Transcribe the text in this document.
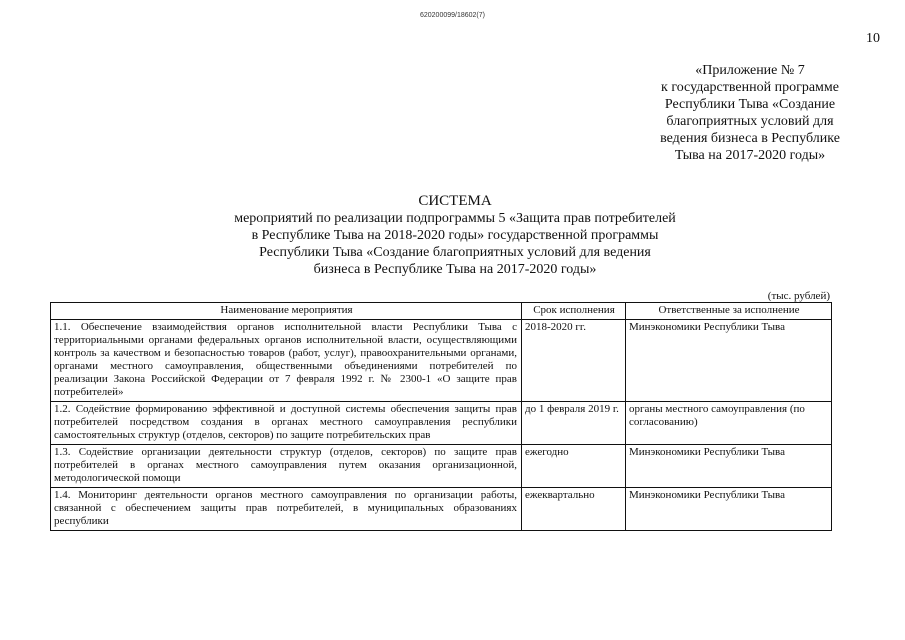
620200099/18602(7)
10
«Приложение № 7
к государственной программе
Республики Тыва «Создание
благоприятных условий для
ведения бизнеса в Республике
Тыва на 2017-2020 годы»
СИСТЕМА
мероприятий по реализации подпрограммы 5 «Защита прав потребителей
в Республике Тыва на 2018-2020 годы» государственной программы
Республики Тыва «Создание благоприятных условий для ведения
бизнеса в Республике Тыва на 2017-2020 годы»
(тыс. рублей)
Наименование мероприятия	Срок исполнения	Ответственные за исполнение
1.1. Обеспечение взаимодействия органов исполнительной власти Республики Тыва с территориальными органами федеральных органов исполнительной власти, осуществляющими контроль за качеством и безопасностью товаров (работ, услуг), правоохранительными органами, органами местного самоуправления, общественными объединениями потребителей по реализации Закона Российской Федерации от 7 февраля 1992 г. № 2300-1 «О защите прав потребителей»	2018-2020 гг.	Минэкономики Республики Тыва
1.2. Содействие формированию эффективной и доступной системы обеспечения защиты прав потребителей посредством создания в органах местного самоуправления республики самостоятельных структур (отделов, секторов) по защите потребительских прав	до 1 февраля 2019 г.	органы местного самоуправления (по согласованию)
1.3. Содействие организации деятельности структур (отделов, секторов) по защите прав потребителей в органах местного самоуправления путем оказания организационной, методологической помощи	ежегодно	Минэкономики Республики Тыва
1.4. Мониторинг деятельности органов местного самоуправления по организации работы, связанной с обеспечением защиты прав потребителей, в муниципальных образованиях республики	ежеквартально	Минэкономики Республики Тыва
